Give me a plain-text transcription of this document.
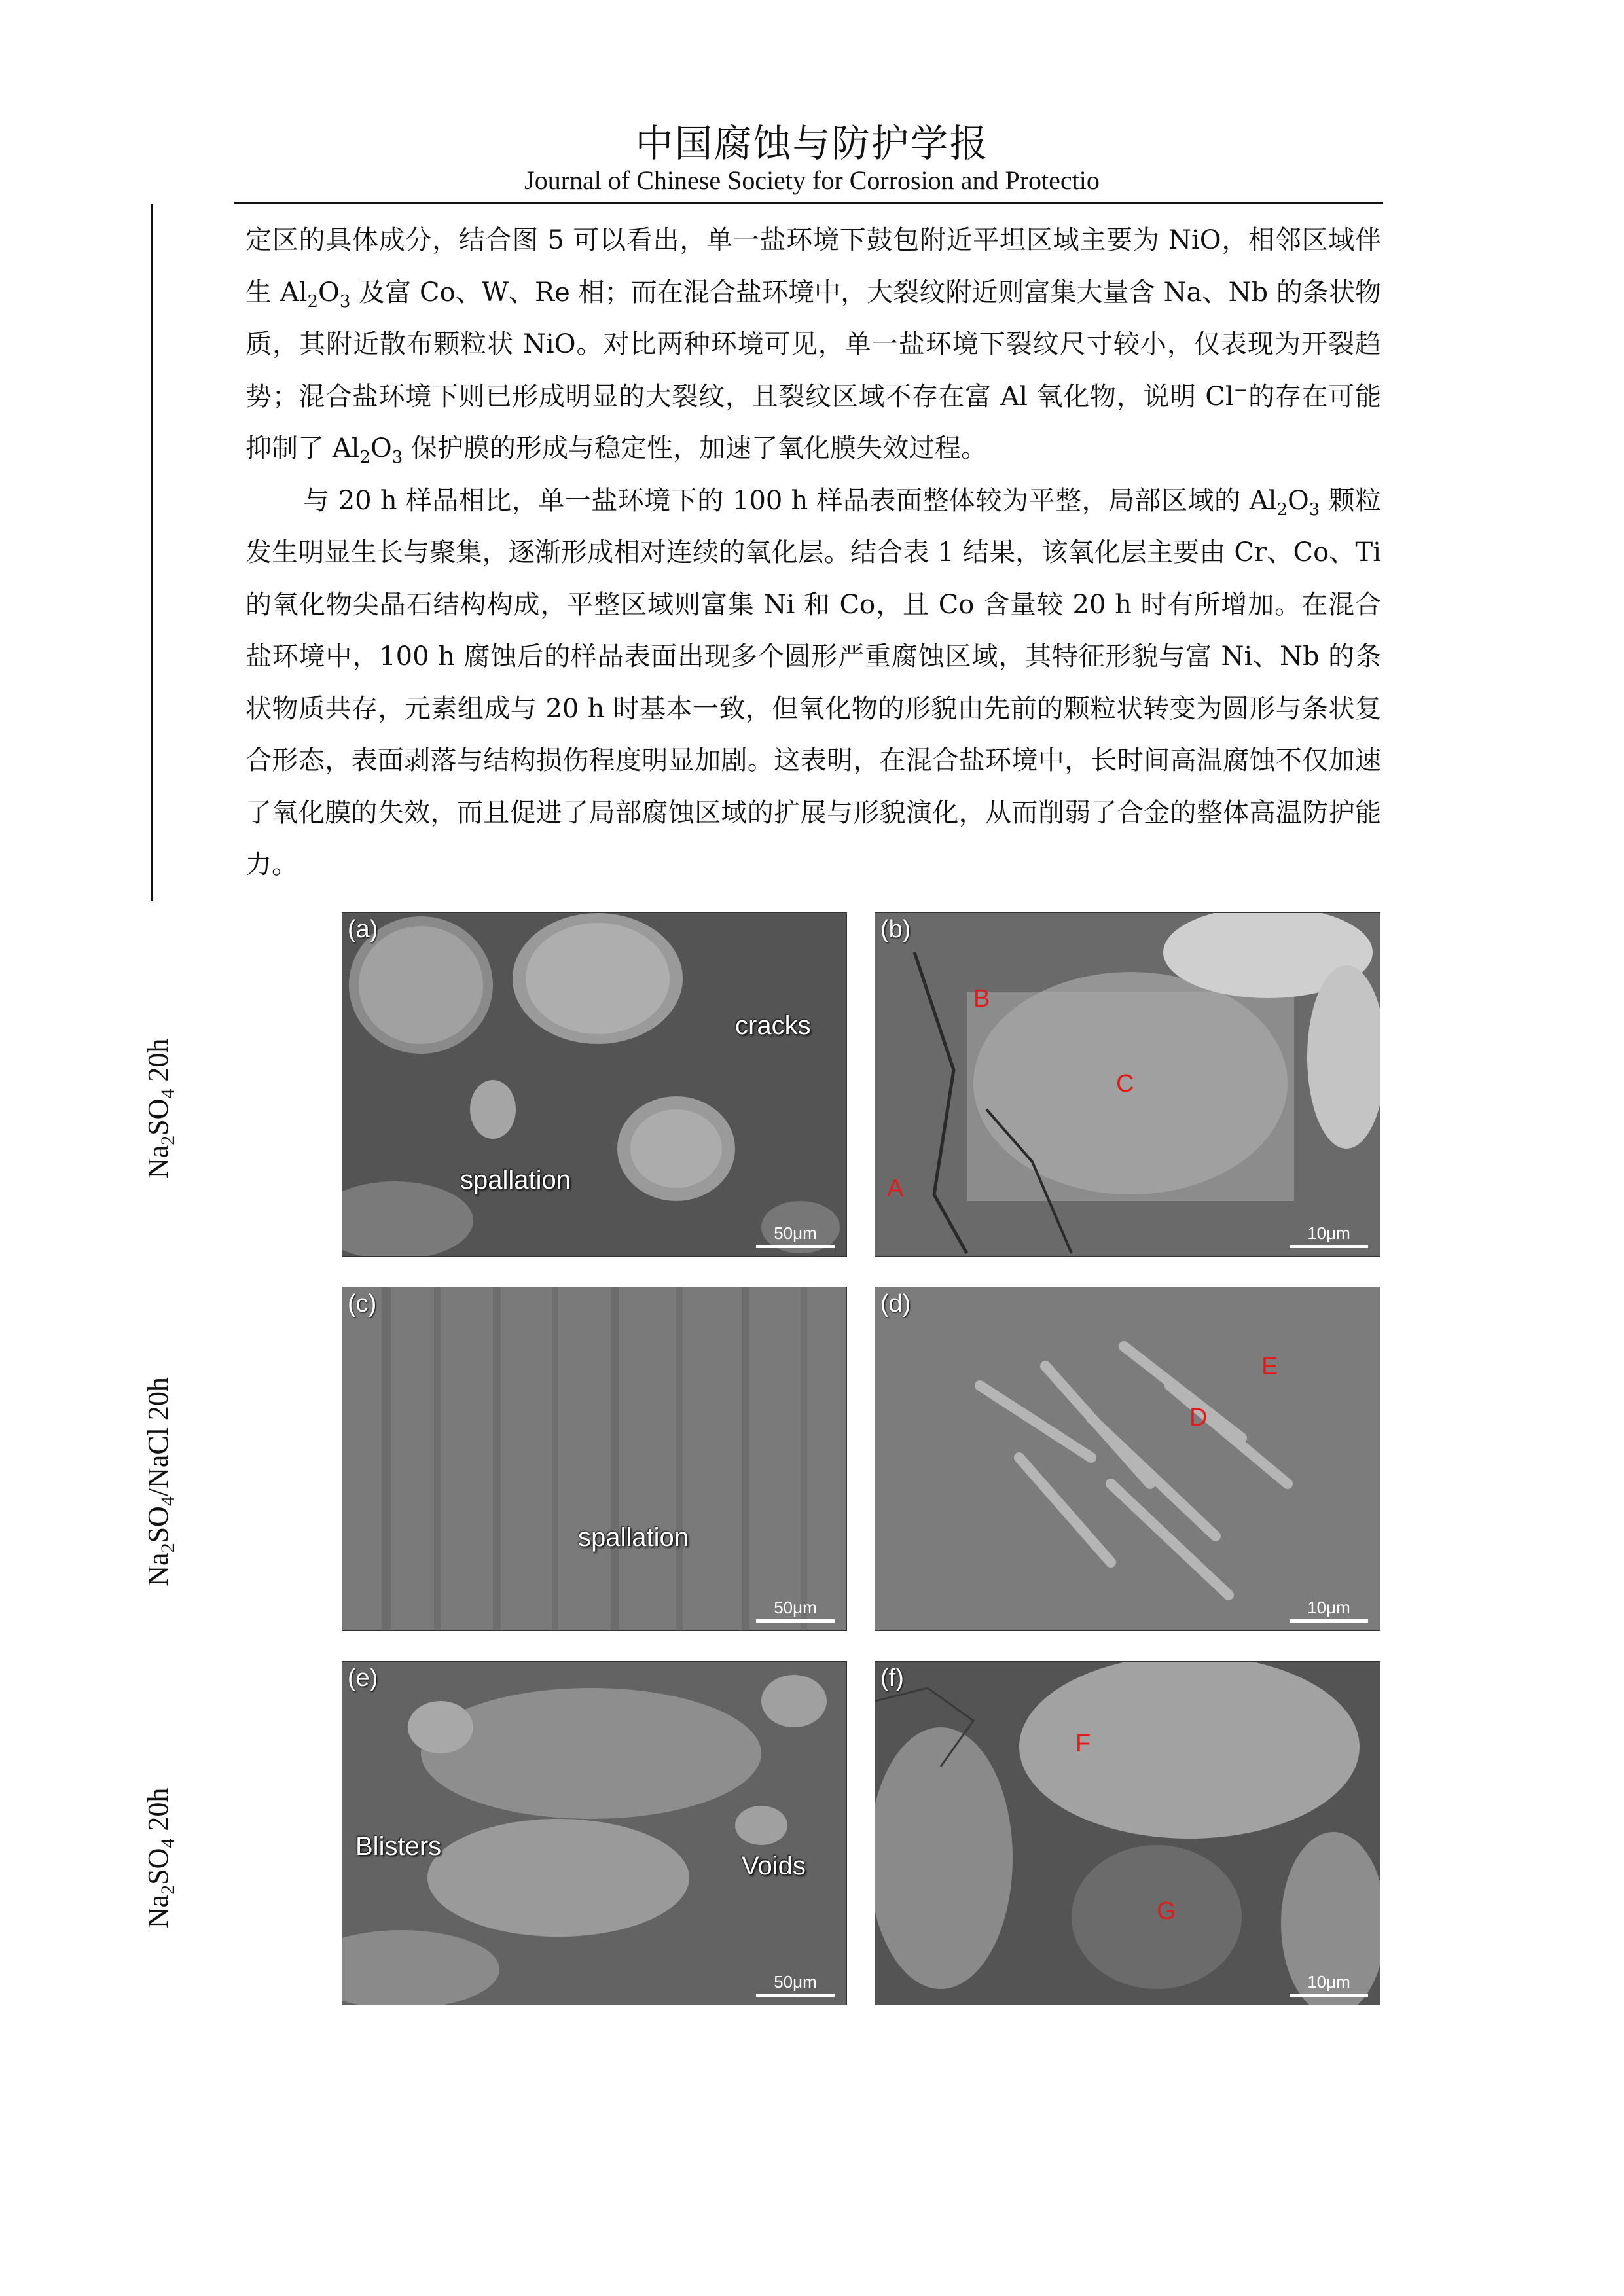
中国腐蚀与防护学报
Journal of Chinese Society for Corrosion and Protectio

定区的具体成分，结合图 5 可以看出，单一盐环境下鼓包附近平坦区域主要为 NiO，相邻区域伴生 $Al_2O_3$ 及富 Co、W、Re 相；而在混合盐环境中，大裂纹附近则富集大量含 Na、Nb 的条状物质，其附近散布颗粒状 NiO。对比两种环境可见，单一盐环境下裂纹尺寸较小，仅表现为开裂趋势；混合盐环境下则已形成明显的大裂纹，且裂纹区域不存在富 Al 氧化物，说明 Cl−的存在可能抑制了 $Al_2O_3$ 保护膜的形成与稳定性，加速了氧化膜失效过程。

与 20 h 样品相比，单一盐环境下的 100 h 样品表面整体较为平整，局部区域的 $Al_2O_3$ 颗粒发生明显生长与聚集，逐渐形成相对连续的氧化层。结合表 1 结果，该氧化层主要由 Cr、Co、Ti 的氧化物尖晶石结构构成，平整区域则富集 Ni 和 Co，且 Co 含量较 20 h 时有所增加。在混合盐环境中，100 h 腐蚀后的样品表面出现多个圆形严重腐蚀区域，其特征形貌与富 Ni、Nb 的条状物质共存，元素组成与 20 h 时基本一致，但氧化物的形貌由先前的颗粒状转变为圆形与条状复合形态，表面剥落与结构损伤程度明显加剧。这表明，在混合盐环境中，长时间高温腐蚀不仅加速了氧化膜的失效，而且促进了局部腐蚀区域的扩展与形貌演化，从而削弱了合金的整体高温防护能力。

$Na_2SO_4$ 20h
$Na_2SO_4$/NaCl 20h
$Na_2SO_4$ 20h
(a)
cracks
spallation
50μm
(b)
B
C
A
10μm
(c)
spallation
50μm
(d)
E
D
10μm
(e)
Blisters
Voids
50μm
(f)
F
G
10μm
